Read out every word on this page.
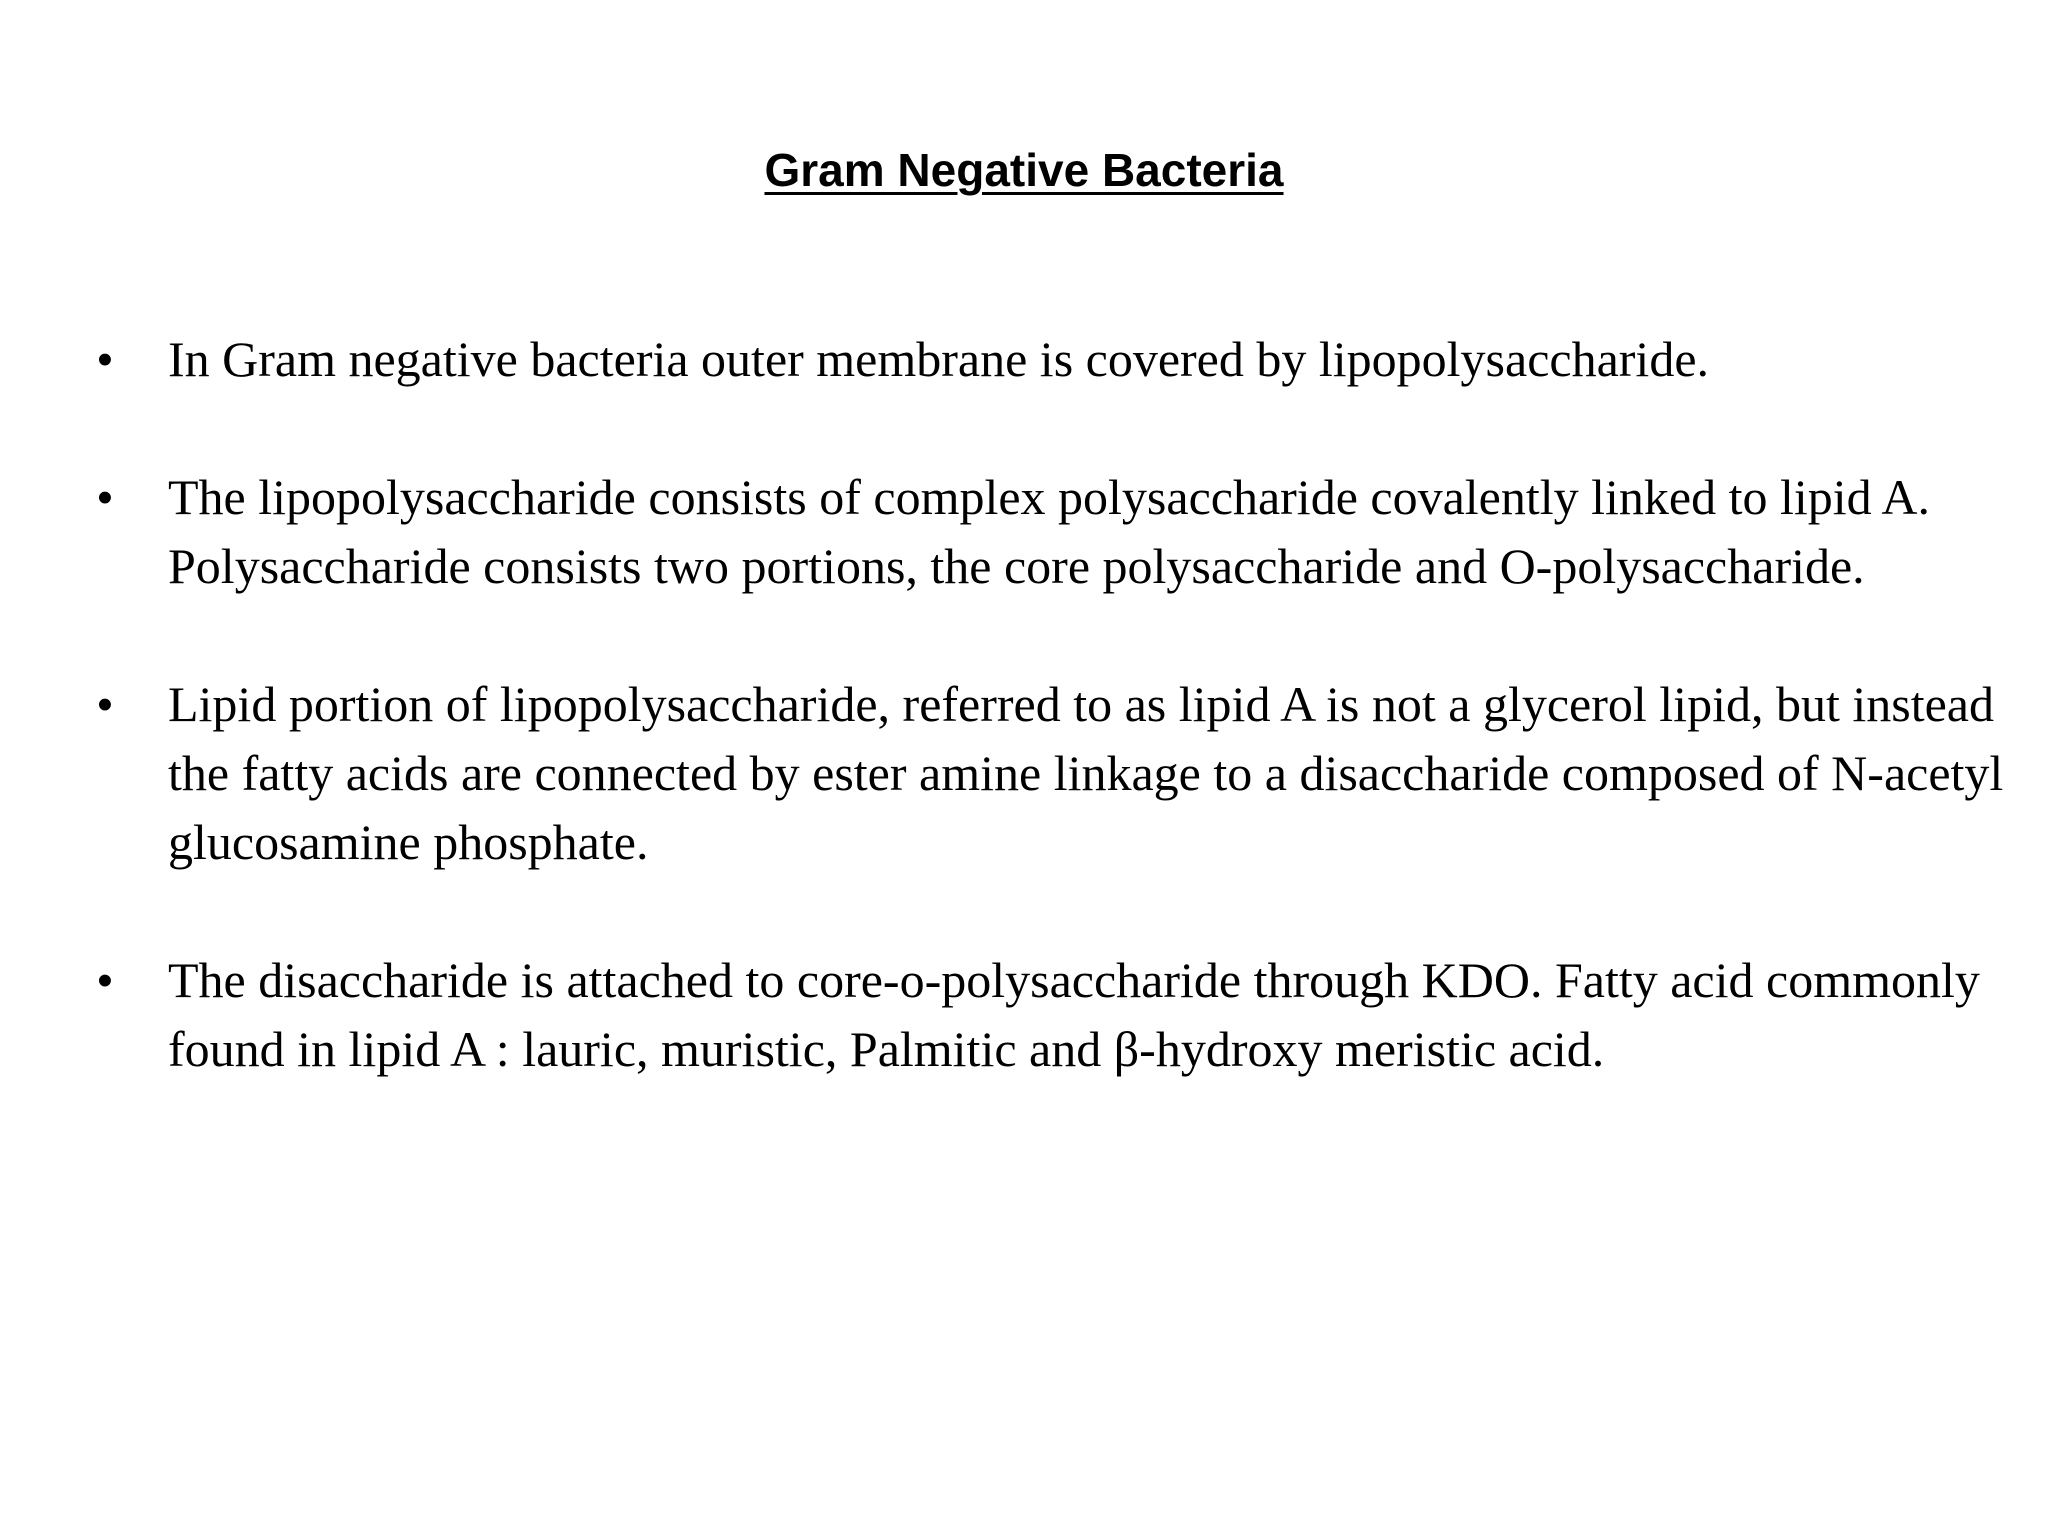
Gram Negative Bacteria
• In Gram negative bacteria outer membrane is covered by lipopolysaccharide.
• The lipopolysaccharide consists of complex polysaccharide covalently linked to lipid A. Polysaccharide consists two portions, the core polysaccharide and O-polysaccharide.
• Lipid portion of lipopolysaccharide, referred to as lipid A is not a glycerol lipid, but instead the fatty acids are connected by ester amine linkage to a disaccharide composed of N-acetyl glucosamine phosphate.
• The disaccharide is attached to core-o-polysaccharide through KDO. Fatty acid commonly found in lipid A : lauric, muristic, Palmitic and β-hydroxy meristic acid.
